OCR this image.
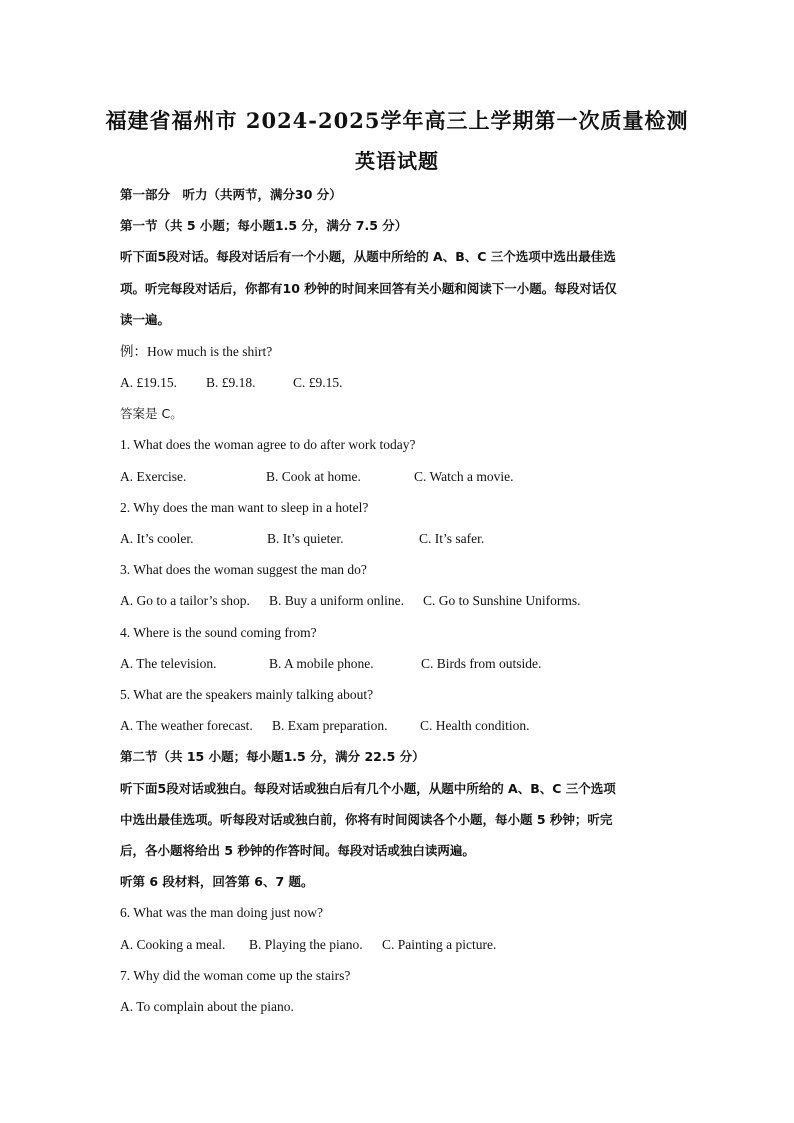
福建省福州市 2024-2025学年高三上学期第一次质量检测
英语试题
第一部分　听力（共两节，满分30 分）
第一节（共 5 小题；每小题1.5 分，满分 7.5 分）
听下面5段对话。每段对话后有一个小题，从题中所给的 A、B、C 三个选项中选出最佳选
项。听完每段对话后，你都有10 秒钟的时间来回答有关小题和阅读下一小题。每段对话仅
读一遍。
例：How much is the shirt?
A. £19.15. B. £9.18.	C. £9.15.
答案是 C。
1. What does the woman agree to do after work today?
A. Exercise.	B. Cook at home.	C. Watch a movie.
2. Why does the man want to sleep in a hotel?
A. It’s cooler.	B. It’s quieter.	C. It’s safer.
3. What does the woman suggest the man do?
A. Go to a tailor’s shop. B. Buy a uniform online. C. Go to Sunshine Uniforms.
4. Where is the sound coming from?
A. The television.	B. A mobile phone.	C. Birds from outside.
5. What are the speakers mainly talking about?
A. The weather forecast. B. Exam preparation. C. Health condition.
第二节（共 15 小题；每小题1.5 分，满分 22.5 分）
听下面5段对话或独白。每段对话或独白后有几个小题，从题中所给的 A、B、C 三个选项
中选出最佳选项。听每段对话或独白前，你将有时间阅读各个小题，每小题 5 秒钟；听完
后，各小题将给出 5 秒钟的作答时间。每段对话或独白读两遍。
听第 6 段材料，回答第 6、7 题。
6. What was the man doing just now?
A. Cooking a meal. B. Playing the piano. C. Painting a picture.
7. Why did the woman come up the stairs?
A. To complain about the piano.
